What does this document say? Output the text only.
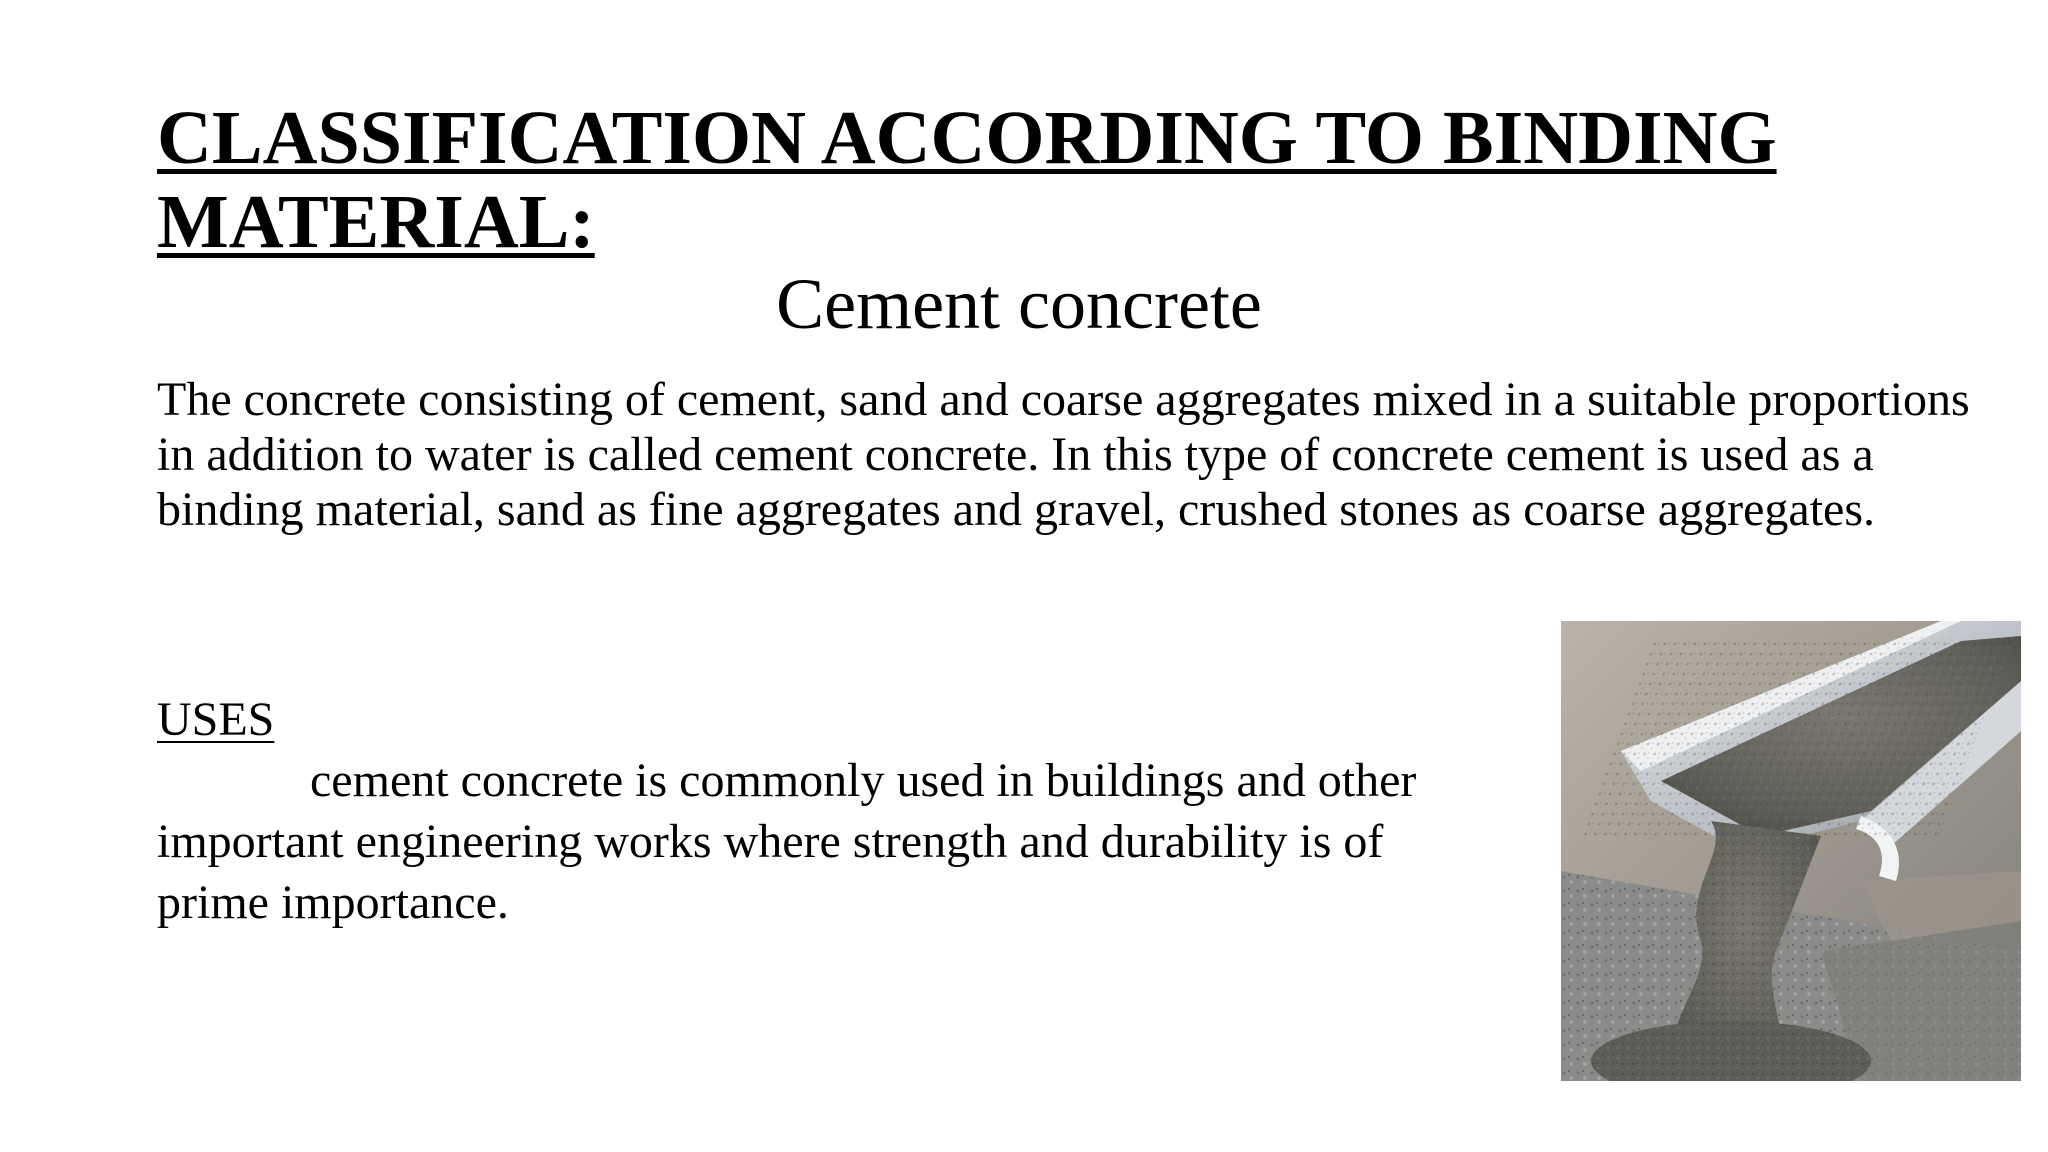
CLASSIFICATION ACCORDING TO BINDING MATERIAL:
Cement concrete

The concrete consisting of cement, sand and coarse aggregates mixed in a suitable proportions in addition to water is called cement concrete. In this type of concrete cement is used as a binding material, sand as fine aggregates and gravel, crushed stones as coarse aggregates.

USES

cement concrete is commonly used in buildings and other important engineering works where strength and durability is of prime importance.
